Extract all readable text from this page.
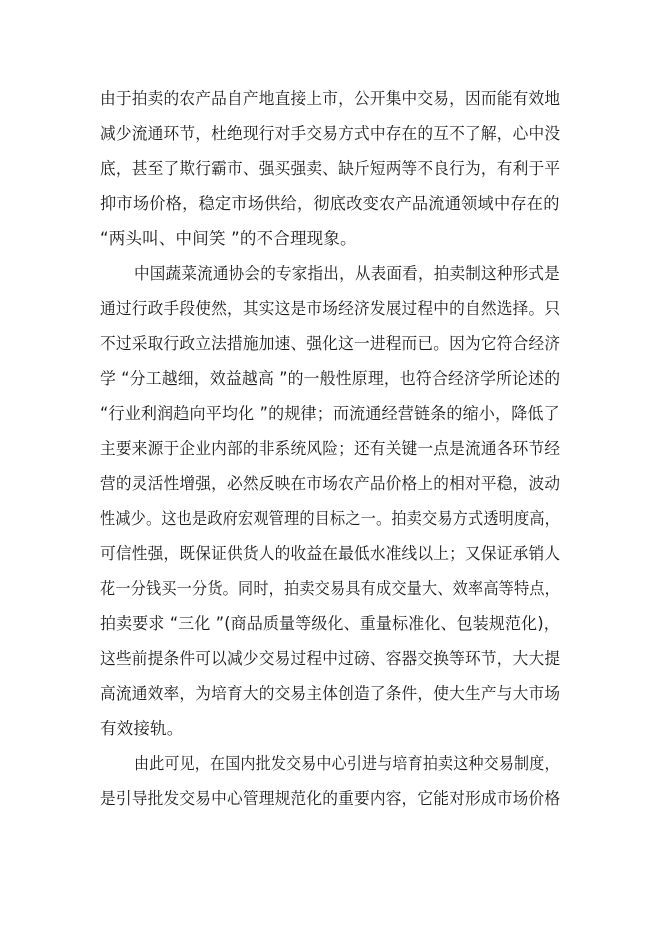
由于拍卖的农产品自产地直接上市，公开集中交易，因而能有效地
减少流通环节，杜绝现行对手交易方式中存在的互不了解，心中没
底，甚至了欺行霸市、强买强卖、缺斤短两等不良行为，有利于平
抑市场价格，稳定市场供给，彻底改变农产品流通领域中存在的
“两头叫、中间笑 ”的不合理现象。
中国蔬菜流通协会的专家指出，从表面看，拍卖制这种形式是
通过行政手段使然，其实这是市场经济发展过程中的自然选择。只
不过采取行政立法措施加速、强化这一进程而已。因为它符合经济
学 “分工越细，效益越高 ”的一般性原理，也符合经济学所论述的
“行业利润趋向平均化 ”的规律；而流通经营链条的缩小，降低了
主要来源于企业内部的非系统风险；还有关键一点是流通各环节经
营的灵活性增强，必然反映在市场农产品价格上的相对平稳，波动
性减少。这也是政府宏观管理的目标之一。拍卖交易方式透明度高，
可信性强，既保证供货人的收益在最低水准线以上；又保证承销人
花一分钱买一分货。同时，拍卖交易具有成交量大、效率高等特点，
拍卖要求 “三化 ”(商品质量等级化、重量标准化、包装规范化)，
这些前提条件可以减少交易过程中过磅、容器交换等环节，大大提
高流通效率，为培育大的交易主体创造了条件，使大生产与大市场
有效接轨。
由此可见，在国内批发交易中心引进与培育拍卖这种交易制度，
是引导批发交易中心管理规范化的重要内容，它能对形成市场价格
